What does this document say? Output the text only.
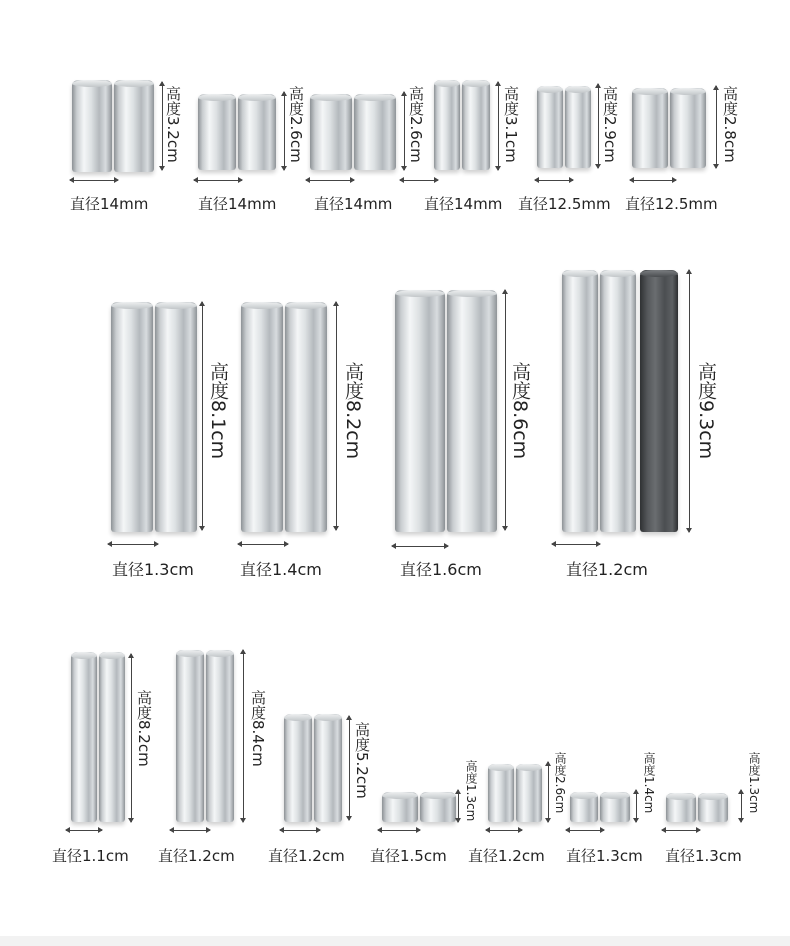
高度3.2cm
直径14mm
高度2.6cm
直径14mm
高度2.6cm
直径14mm
高度3.1cm
直径14mm
高度2.9cm
直径12.5mm
高度2.8cm
直径12.5mm
高度8.1cm
直径1.3cm
高度8.2cm
直径1.4cm
高度8.6cm
直径1.6cm
高度9.3cm
直径1.2cm
高度8.2cm
直径1.1cm
高度8.4cm
直径1.2cm
高度5.2cm
直径1.2cm
高度1.3cm
直径1.5cm
高度2.6cm
直径1.2cm
高度1.4cm
直径1.3cm
高度1.3cm
直径1.3cm
